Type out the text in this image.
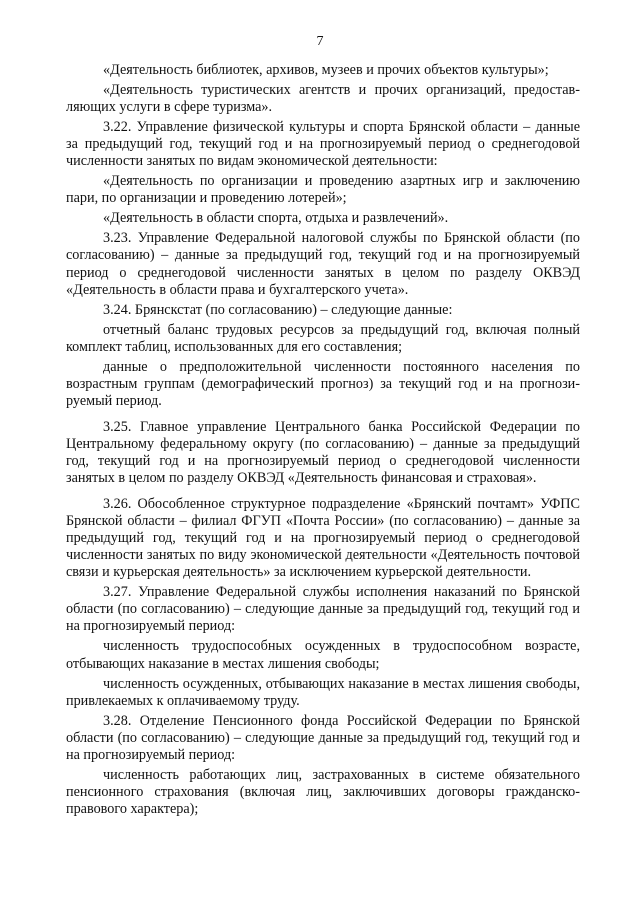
7

«Деятельность библиотек, архивов, музеев и прочих объектов культуры»;

«Деятельность туристических агентств и прочих организаций, предоставляющих услуги в сфере туризма».

3.22. Управление физической культуры и спорта Брянской области – данные за предыдущий год, текущий год и на прогнозируемый период о среднегодовой численности занятых по видам экономической деятельности:

«Деятельность по организации и проведению азартных игр и заключению пари, по организации и проведению лотерей»;

«Деятельность в области спорта, отдыха и развлечений».

3.23. Управление Федеральной налоговой службы по Брянской области (по согласованию) – данные за предыдущий год, текущий год и на прогнозируемый период о среднегодовой численности занятых в целом по разделу ОКВЭД «Деятельность в области права и бухгалтерского учета».

3.24. Брянскстат (по согласованию) – следующие данные:

отчетный баланс трудовых ресурсов за предыдущий год, включая полный комплект таблиц, использованных для его составления;

данные о предположительной численности постоянного населения по возрастным группам (демографический прогноз) за текущий год и на прогнозируемый период.

3.25. Главное управление Центрального банка Российской Федерации по Центральному федеральному округу (по согласованию) – данные за предыдущий год, текущий год и на прогнозируемый период о среднегодовой численности занятых в целом по разделу ОКВЭД «Деятельность финансовая и страховая».

3.26. Обособленное структурное подразделение «Брянский почтамт» УФПС Брянской области – филиал ФГУП «Почта России» (по согласованию) – данные за предыдущий год, текущий год и на прогнозируемый период о среднегодовой численности занятых по виду экономической деятельности «Деятельность почтовой связи и курьерская деятельность» за исключением курьерской деятельности.

3.27. Управление Федеральной службы исполнения наказаний по Брянской области (по согласованию) – следующие данные за предыдущий год, текущий год и на прогнозируемый период:

численность трудоспособных осужденных в трудоспособном возрасте, отбывающих наказание в местах лишения свободы;

численность осужденных, отбывающих наказание в местах лишения свободы, привлекаемых к оплачиваемому труду.

3.28. Отделение Пенсионного фонда Российской Федерации по Брянской области (по согласованию) – следующие данные за предыдущий год, текущий год и на прогнозируемый период:

численность работающих лиц, застрахованных в системе обязательного пенсионного страхования (включая лиц, заключивших договоры гражданско-правового характера);
